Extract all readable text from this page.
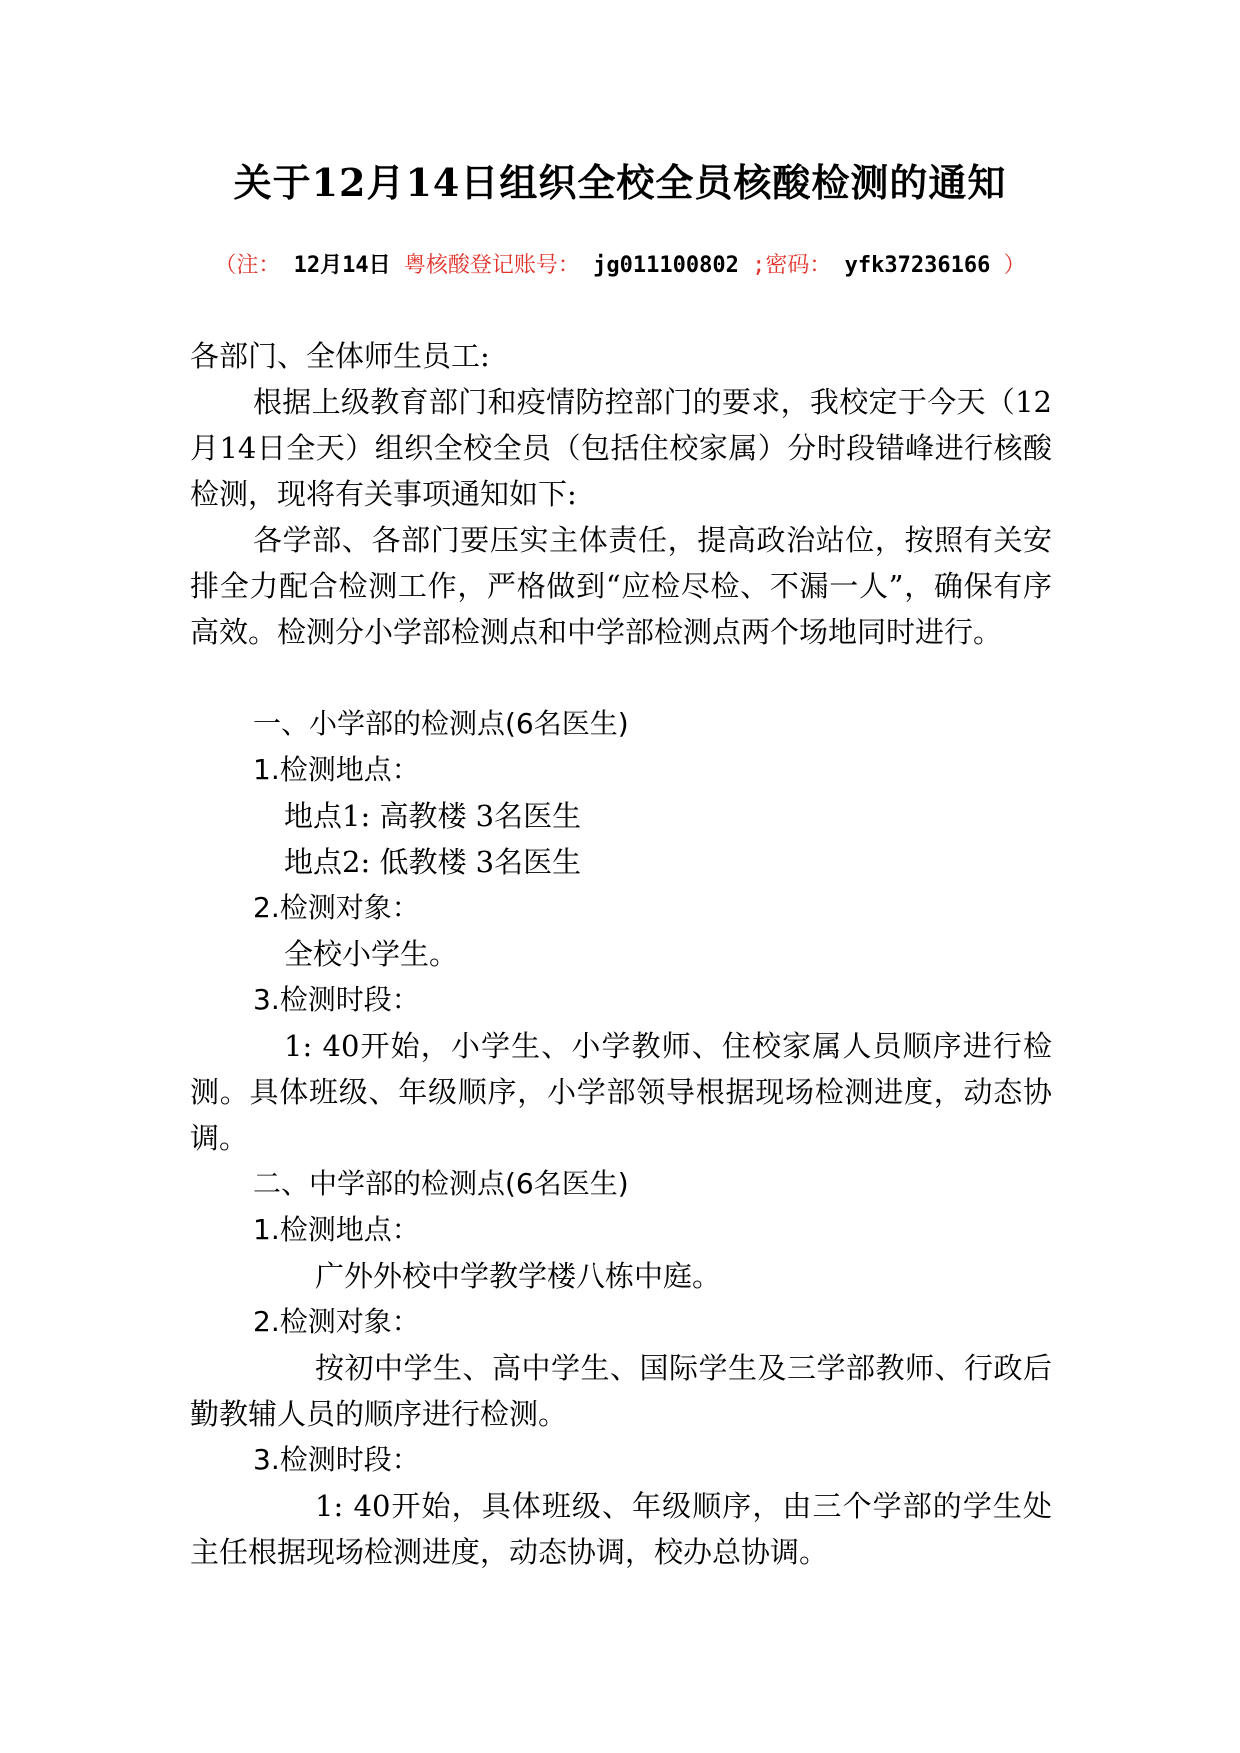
关于12月14日组织全校全员核酸检测的通知
（注： 12月14日 粤核酸登记账号： jg011100802 ;密码： yfk37236166 ）
各部门、全体师生员工:
根据上级教育部门和疫情防控部门的要求，我校定于今天（12月14日全天）组织全校全员（包括住校家属）分时段错峰进行核酸检测，现将有关事项通知如下:
各学部、各部门要压实主体责任，提高政治站位，按照有关安排全力配合检测工作，严格做到“应检尽检、不漏一人”，确保有序高效。检测分小学部检测点和中学部检测点两个场地同时进行。
一、小学部的检测点(6名医生)
1.检测地点：
地点1: 高教楼 3名医生
地点2: 低教楼 3名医生
2.检测对象：
全校小学生。
3.检测时段：
1: 40开始，小学生、小学教师、住校家属人员顺序进行检测。具体班级、年级顺序，小学部领导根据现场检测进度，动态协调。
二、中学部的检测点(6名医生)
1.检测地点：
广外外校中学教学楼八栋中庭。
2.检测对象：
按初中学生、高中学生、国际学生及三学部教师、行政后勤教辅人员的顺序进行检测。
3.检测时段：
1: 40开始，具体班级、年级顺序，由三个学部的学生处主任根据现场检测进度，动态协调，校办总协调。
